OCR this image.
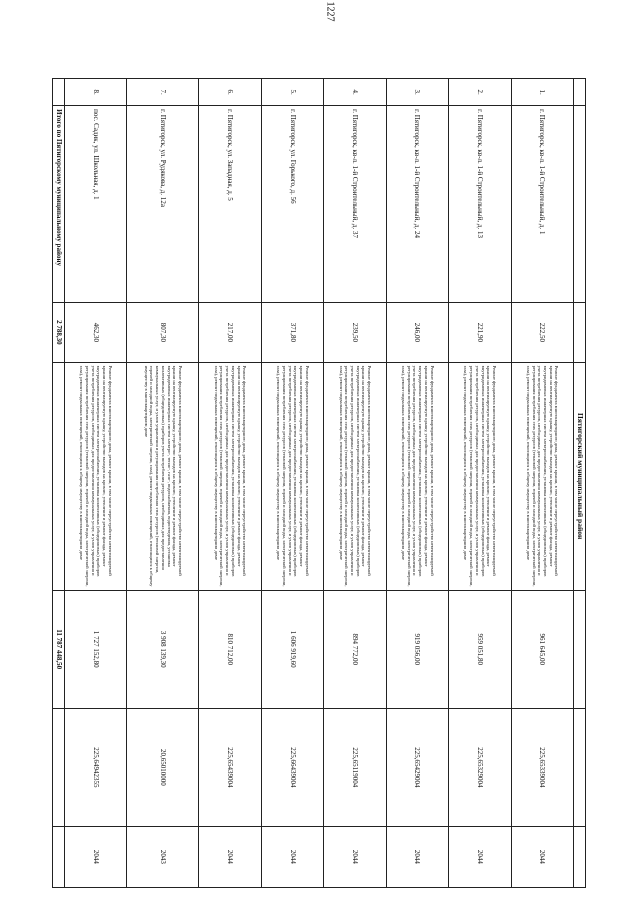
1227
			Пятигорский муниципальный район			
1.	г. Пятигорск, кв-л. 1-й Строительный, д. 1	222,50	Ремонт фундамента многоквартирного дома, ремонт крыши, в том числе переустройство невентилируемой крыши на вентилируемую крышу, устройство выходов на кровлю, утепление и ремонт фасада, ремонт внутридомовых инженерных систем электроснабжения, установка коллективных (общедомовых) приборов учета потребления ресурсов, необходимых для предоставления коммунальных услуг, и узлов управления и регулирования потребления этих ресурсов (тепловой энергии, горячей и холодной воды, электрической энергии, газа), ремонт подвальных помещений, относящихся к общему имуществу в многоквартирном доме	961 645,00	225,65339004	2044
2.	г. Пятигорск, кв-л. 1-й Строительный, д. 13	221,90	Ремонт фундамента многоквартирного дома, ремонт крыши, в том числе переустройство невентилируемой крыши на вентилируемую крышу, устройство выходов на кровлю, утепление и ремонт фасада, ремонт внутридомовых инженерных систем электроснабжения, установка коллективных (общедомовых) приборов учета потребления ресурсов, необходимых для предоставления коммунальных услуг, и узлов управления и регулирования потребления этих ресурсов (тепловой энергии, горячей и холодной воды, электрической энергии, газа), ремонт подвальных помещений, относящихся к общему имуществу в многоквартирном доме	959 051,80	225,65329004	2044
3.	г. Пятигорск, кв-л. 1-й Строительный, д. 24	246,00	Ремонт фундамента многоквартирного дома, ремонт крыши, в том числе переустройство невентилируемой крыши на вентилируемую крышу, устройство выходов на кровлю, утепление и ремонт фасада, ремонт внутридомовых инженерных систем электроснабжения, установка коллективных (общедомовых) приборов учета потребления ресурсов, необходимых для предоставления коммунальных услуг, и узлов управления и регулирования потребления этих ресурсов (тепловой энергии, горячей и холодной воды, электрической энергии, газа), ремонт подвальных помещений, относящихся к общему имуществу в многоквартирном доме	919 056,00	225,65429004	2044
4.	г. Пятигорск, кв-л. 1-й Строительный, д. 37	239,50	Ремонт фундамента многоквартирного дома, ремонт крыши, в том числе переустройство невентилируемой крыши на вентилируемую крышу, устройство выходов на кровлю, утепление и ремонт фасада, ремонт внутридомовых инженерных систем электроснабжения, установка коллективных (общедомовых) приборов учета потребления ресурсов, необходимых для предоставления коммунальных услуг, и узлов управления и регулирования потребления этих ресурсов (тепловой энергии, горячей и холодной воды, электрической энергии, газа), ремонт подвальных помещений, относящихся к общему имуществу в многоквартирном доме	894 772,00	225,65119004	2044
5.	г. Пятигорск, ул. Горького, д. 56	371,80	Ремонт фундамента многоквартирного дома, ремонт крыши, в том числе переустройство невентилируемой крыши на вентилируемую крышу, устройство выходов на кровлю, утепление и ремонт фасада, ремонт внутридомовых инженерных систем электроснабжения, установка коллективных (общедомовых) приборов учета потребления ресурсов, необходимых для предоставления коммунальных услуг, и узлов управления и регулирования потребления этих ресурсов (тепловой энергии, горячей и холодной воды, электрической энергии, газа), ремонт подвальных помещений, относящихся к общему имуществу в многоквартирном доме	1 606 919,60	225,66439004	2044
6.	г. Пятигорск, ул. Западная, д. 5	217,00	Ремонт фундамента многоквартирного дома, ремонт крыши, в том числе переустройство невентилируемой крыши на вентилируемую крышу, устройство выходов на кровлю, утепление и ремонт фасада, ремонт внутридомовых инженерных систем электроснабжения, установка коллективных (общедомовых) приборов учета потребления ресурсов, необходимых для предоставления коммунальных услуг, и узлов управления и регулирования потребления этих ресурсов (тепловой энергии, горячей и холодной воды, электрической энергии, газа), ремонт подвальных помещений, относящихся к общему имуществу в многоквартирном доме	810 712,00	225,65439004	2044
7.	г. Пятигорск, ул. Рудякова, д. 12а	807,30	Ремонт фундамента многоквартирного дома, ремонт крыши, в том числе переустройство невентилируемой крыши на вентилируемую крышу, устройство выходов на кровлю, утепление и ремонт фасада, ремонт внутридомовых инженерных систем электро-, тепло-, газо-, водоснабжения, водоотведения, установка коллективных (общедомовых) приборов учета потребления ресурсов, необходимых для предоставления коммунальных услуг, и узлов управления и регулирования потребления этих ресурсов (тепловой энергии, горячей и холодной воды, электрической энергии, газа), ремонт подвальных помещений, относящихся к общему имуществу в многоквартирном доме	3 908 139,30	20,65010000	2043
8.	пос. Садик, ул. Школьная, д. 1	462,30	Ремонт фундамента многоквартирного дома, ремонт крыши, в том числе переустройство невентилируемой крыши на вентилируемую крышу, устройство выходов на кровлю, утепление и ремонт фасада, ремонт внутридомовых инженерных систем электроснабжения, установка коллективных (общедомовых) приборов учета потребления ресурсов, необходимых для предоставления коммунальных услуг, и узлов управления и регулирования потребления этих ресурсов (тепловой энергии, горячей и холодной воды, электрической энергии, газа), ремонт подвальных помещений, относящихся к общему имуществу в многоквартирном доме	1 727 152,80	225,64942355	2044
	Итого по Пятигорскому муниципальному району	2 788,30		11 787 448,50		
